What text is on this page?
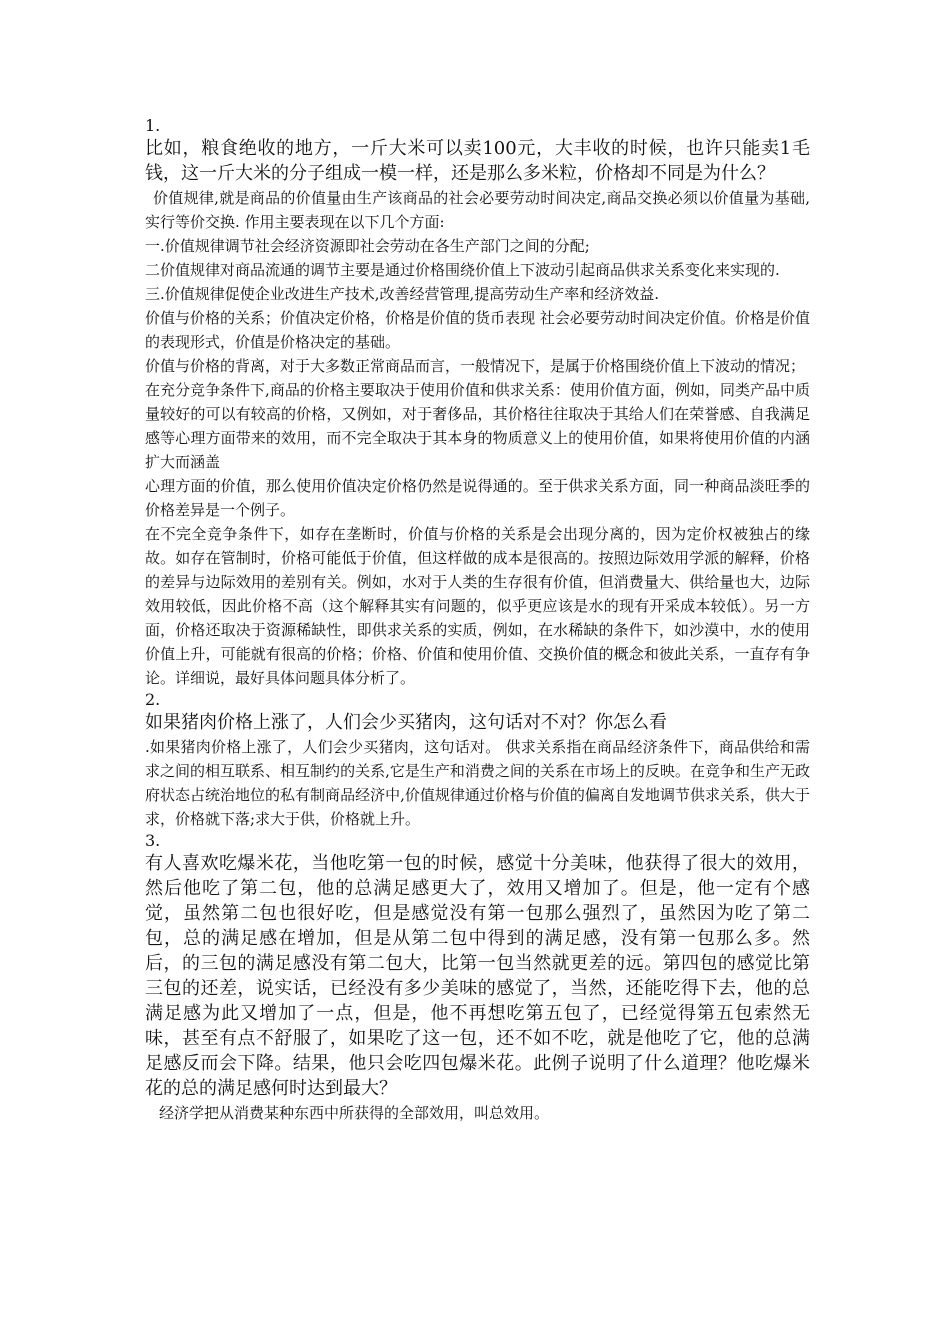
1.

比如，粮食绝收的地方，一斤大米可以卖100元，大丰收的时候，也许只能卖1毛钱，这一斤大米的分子组成一模一样，还是那么多米粒，价格却不同是为什么？

价值规律,就是商品的价值量由生产该商品的社会必要劳动时间决定,商品交换必须以价值量为基础,实行等价交换. 作用主要表现在以下几个方面:

一.价值规律调节社会经济资源即社会劳动在各生产部门之间的分配;

二价值规律对商品流通的调节主要是通过价格围绕价值上下波动引起商品供求关系变化来实现的.

三.价值规律促使企业改进生产技术,改善经营管理,提高劳动生产率和经济效益.

价值与价格的关系；价值决定价格，价格是价值的货币表现 社会必要劳动时间决定价值。价格是价值的表现形式，价值是价格决定的基础。

价值与价格的背离，对于大多数正常商品而言，一般情况下，是属于价格围绕价值上下波动的情况；

在充分竞争条件下,商品的价格主要取决于使用价值和供求关系：使用价值方面，例如，同类产品中质量较好的可以有较高的价格，又例如，对于奢侈品，其价格往往取决于其给人们在荣誉感、自我满足感等心理方面带来的效用，而不完全取决于其本身的物质意义上的使用价值，如果将使用价值的内涵扩大而涵盖

心理方面的价值，那么使用价值决定价格仍然是说得通的。至于供求关系方面，同一种商品淡旺季的价格差异是一个例子。

在不完全竞争条件下，如存在垄断时，价值与价格的关系是会出现分离的，因为定价权被独占的缘故。如存在管制时，价格可能低于价值，但这样做的成本是很高的。按照边际效用学派的解释，价格的差异与边际效用的差别有关。例如，水对于人类的生存很有价值，但消费量大、供给量也大，边际效用较低，因此价格不高（这个解释其实有问题的，似乎更应该是水的现有开采成本较低）。另一方面，价格还取决于资源稀缺性，即供求关系的实质，例如，在水稀缺的条件下，如沙漠中，水的使用价值上升，可能就有很高的价格；价格、价值和使用价值、交换价值的概念和彼此关系，一直存有争论。详细说，最好具体问题具体分析了。

2.

如果猪肉价格上涨了，人们会少买猪肉，这句话对不对？你怎么看

.如果猪肉价格上涨了，人们会少买猪肉，这句话对。 供求关系指在商品经济条件下，商品供给和需求之间的相互联系、相互制约的关系,它是生产和消费之间的关系在市场上的反映。在竞争和生产无政府状态占统治地位的私有制商品经济中,价值规律通过价格与价值的偏离自发地调节供求关系，供大于求，价格就下落;求大于供，价格就上升。

3.

有人喜欢吃爆米花，当他吃第一包的时候，感觉十分美味，他获得了很大的效用，然后他吃了第二包，他的总满足感更大了，效用又增加了。但是，他一定有个感觉，虽然第二包也很好吃，但是感觉没有第一包那么强烈了，虽然因为吃了第二包，总的满足感在增加，但是从第二包中得到的满足感，没有第一包那么多。然后，的三包的满足感没有第二包大，比第一包当然就更差的远。第四包的感觉比第三包的还差，说实话，已经没有多少美味的感觉了，当然，还能吃得下去，他的总满足感为此又增加了一点，但是，他不再想吃第五包了，已经觉得第五包索然无味，甚至有点不舒服了，如果吃了这一包，还不如不吃，就是他吃了它，他的总满足感反而会下降。结果，他只会吃四包爆米花。此例子说明了什么道理？他吃爆米花的总的满足感何时达到最大？

经济学把从消费某种东西中所获得的全部效用，叫总效用。
